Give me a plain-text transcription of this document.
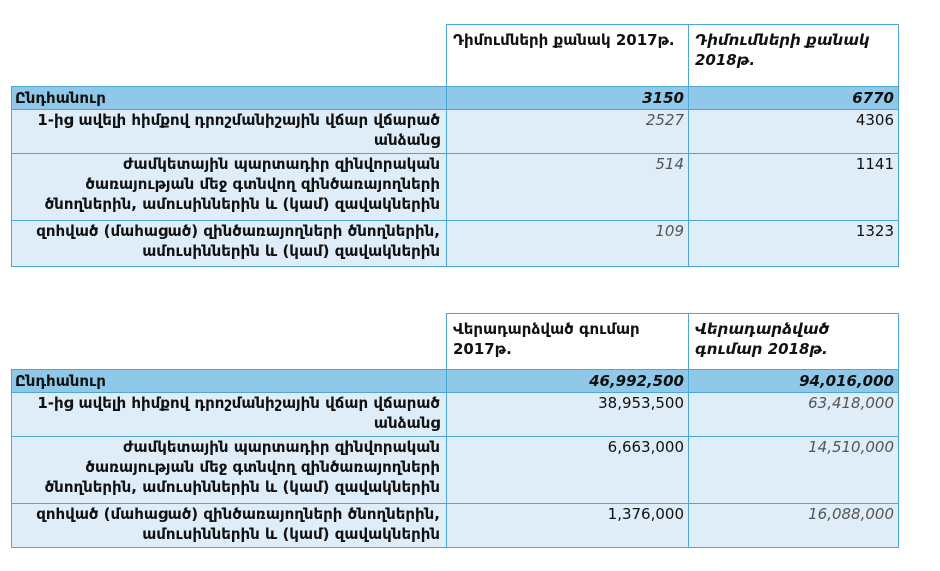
	Դիմումների քանակ 2017թ.	Դիմումների քանակ 2018թ.
Ընդհանուր	3150	6770
1-ից ավելի հիմքով դրոշմանիշային վճար վճարած անձանց	2527	4306
ժամկետային պարտադիր զինվորական ծառայության մեջ գտնվող զինծառայողների ծնողներին, ամուսիններին և (կամ) զավակներին	514	1141
զոհված (մահացած) զինծառայողների ծնողներին, ամուսիններին և (կամ) զավակներին	109	1323
	Վերադարձված գումար 2017թ.	Վերադարձված գումար 2018թ.
Ընդհանուր	46,992,500	94,016,000
1-ից ավելի հիմքով դրոշմանիշային վճար վճարած անձանց	38,953,500	63,418,000
ժամկետային պարտադիր զինվորական ծառայության մեջ գտնվող զինծառայողների ծնողներին, ամուսիններին և (կամ) զավակներին	6,663,000	14,510,000
զոհված (մահացած) զինծառայողների ծնողներին, ամուսիններին և (կամ) զավակներին	1,376,000	16,088,000
